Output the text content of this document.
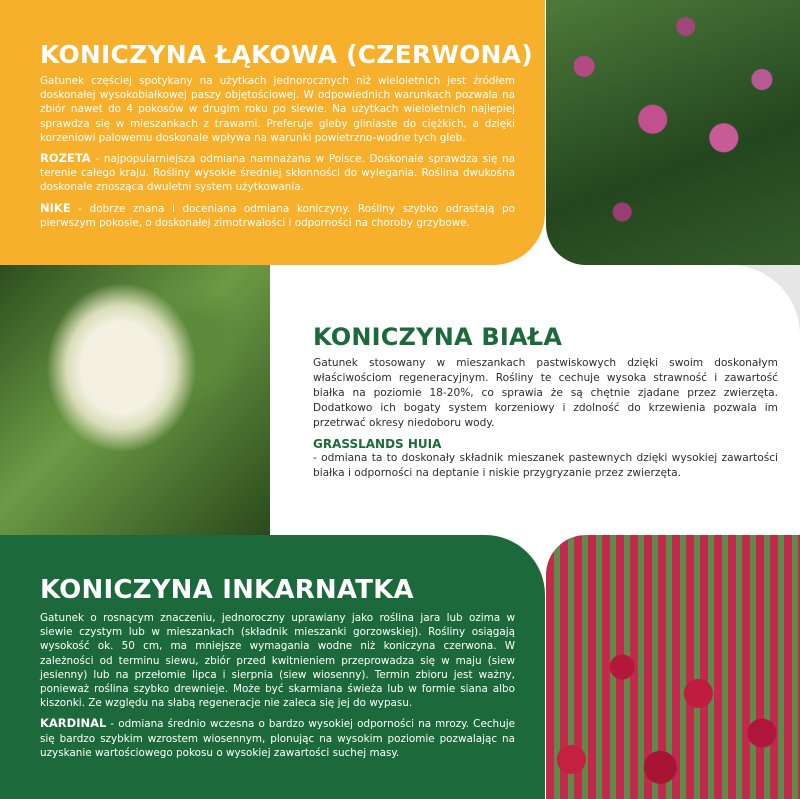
KONICZYNA ŁĄKOWA (CZERWONA)

Gatunek częściej spotykany na użytkach jednorocznych niż wieloletnich jest źródłem doskonałej wysokobiałkowej paszy objętościowej. W odpowiednich warunkach pozwala na zbiór nawet do 4 pokosów w drugim roku po siewie. Na użytkach wieloletnich najlepiej sprawdza się w mieszankach z trawami. Preferuje gleby gliniaste do ciężkich, a dzięki korzeniowi palowemu doskonale wpływa na warunki powietrzno-wodne tych gleb.

ROZETA - najpopularniejsza odmiana namnażana w Polsce. Doskonale sprawdza się na terenie całego kraju. Rośliny wysokie średniej skłonności do wylegania. Roślina dwukośna doskonale znosząca dwuletni system użytkowania.

NIKE - dobrze znana i doceniana odmiana koniczyny. Rośliny szybko odrastają po pierwszym pokosie, o doskonałej zimotrwałości i odporności na choroby grzybowe.

KONICZYNA BIAŁA

Gatunek stosowany w mieszankach pastwiskowych dzięki swoim doskonałym właściwościom regeneracyjnym. Rośliny te cechuje wysoka strawność i zawartość białka na poziomie 18-20%, co sprawia że są chętnie zjadane przez zwierzęta. Dodatkowo ich bogaty system korzeniowy i zdolność do krzewienia pozwala im przetrwać okresy niedoboru wody.

GRASSLANDS HUIA

- odmiana ta to doskonały składnik mieszanek pastewnych dzięki wysokiej zawartości białka i odporności na deptanie i niskie przygryzanie przez zwierzęta.

KONICZYNA INKARNATKA

Gatunek o rosnącym znaczeniu, jednoroczny uprawiany jako roślina jara lub ozima w siewie czystym lub w mieszankach (składnik mieszanki gorzowskiej). Rośliny osiągają wysokość ok. 50 cm, ma mniejsze wymagania wodne niż koniczyna czerwona. W zależności od terminu siewu, zbiór przed kwitnieniem przeprowadza się w maju (siew jesienny) lub na przełomie lipca i sierpnia (siew wiosenny). Termin zbioru jest ważny, ponieważ roślina szybko drewnieje. Może być skarmiana świeża lub w formie siana albo kiszonki. Ze względu na słabą regeneracje nie zaleca się jej do wypasu.

KARDINAL - odmiana średnio wczesna o bardzo wysokiej odporności na mrozy. Cechuje się bardzo szybkim wzrostem wiosennym, plonując na wysokim poziomie pozwalając na uzyskanie wartościowego pokosu o wysokiej zawartości suchej masy.
